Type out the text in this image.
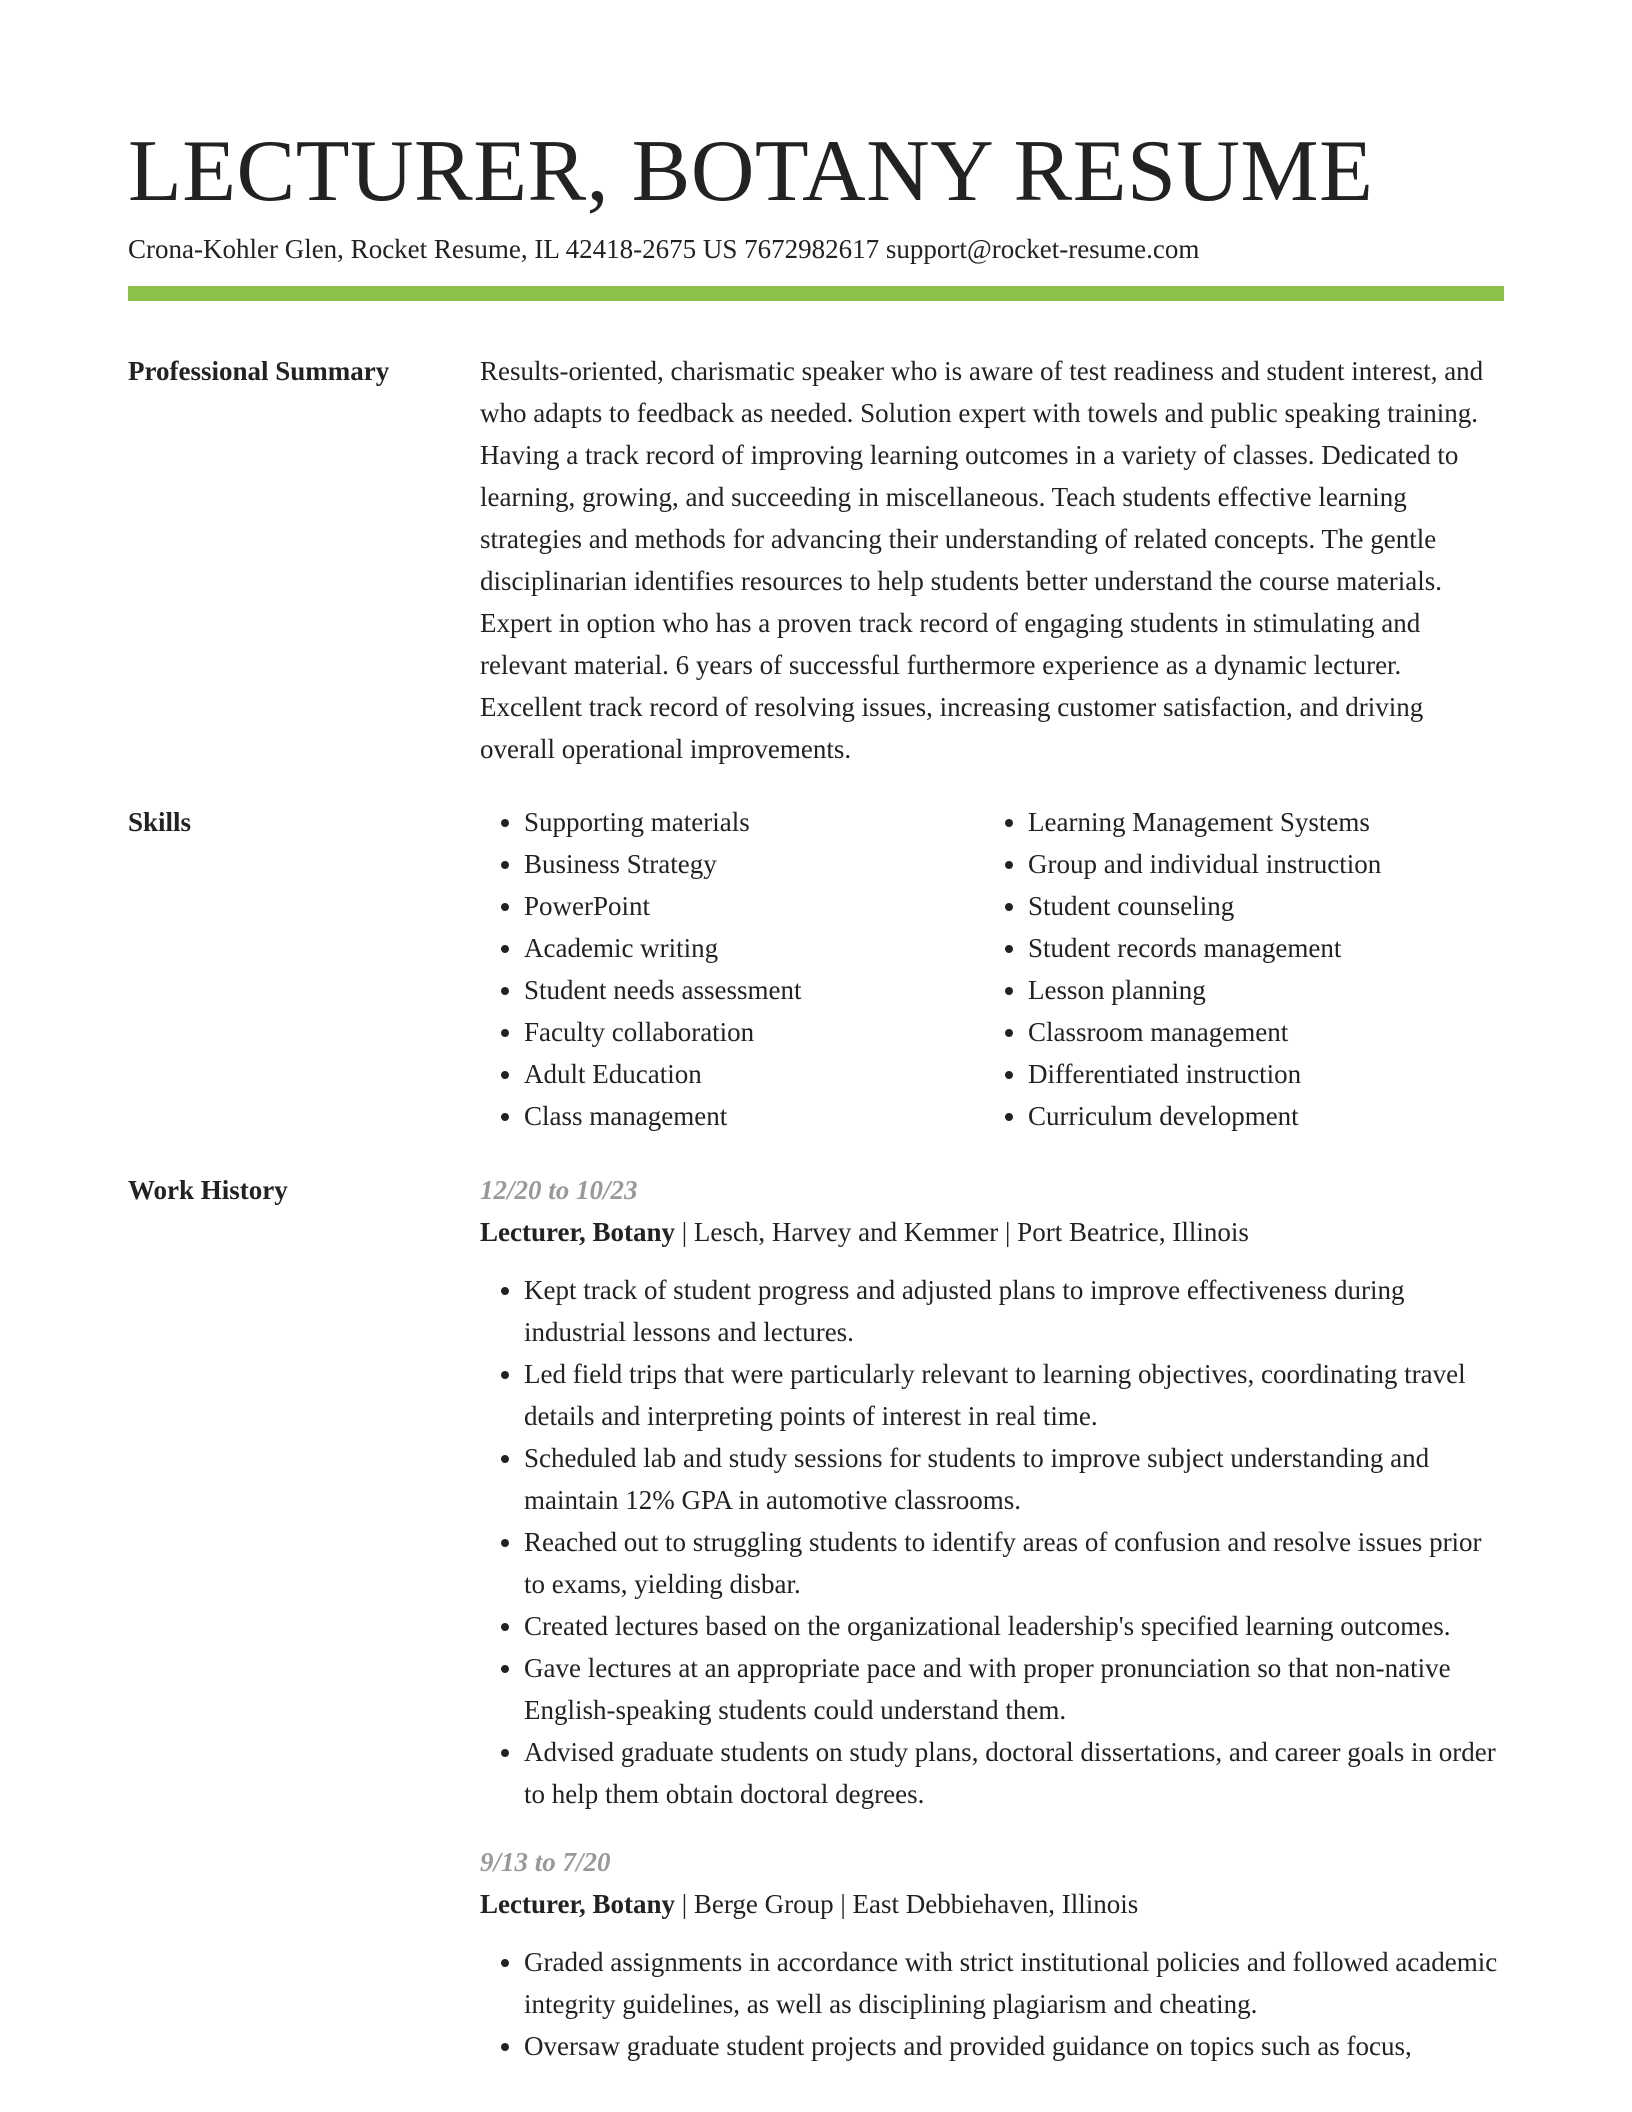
LECTURER, BOTANY RESUME
Crona-Kohler Glen, Rocket Resume, IL 42418-2675 US 7672982617 support@rocket-resume.com
Professional Summary	Results-oriented, charismatic speaker who is aware of test readiness and student interest, and who adapts to feedback as needed. Solution expert with towels and public speaking training. Having a track record of improving learning outcomes in a variety of classes. Dedicated to learning, growing, and succeeding in miscellaneous. Teach students effective learning strategies and methods for advancing their understanding of related concepts. The gentle disciplinarian identifies resources to help students better understand the course materials. Expert in option who has a proven track record of engaging students in stimulating and relevant material. 6 years of successful furthermore experience as a dynamic lecturer. Excellent track record of resolving issues, increasing customer satisfaction, and driving overall operational improvements.

Skills
•	Supporting materials
• Business Strategy
• PowerPoint
• Academic writing
• Student needs assessment
• Faculty collaboration
• Adult Education
• Class management
• Learning Management Systems
• Group and individual instruction
• Student counseling
• Student records management
• Lesson planning
• Classroom management
• Differentiated instruction
• Curriculum development
Work History	12/20 to 10/23
Lecturer, Botany | Lesch, Harvey and Kemmer | Port Beatrice, Illinois
• Kept track of student progress and adjusted plans to improve effectiveness during industrial lessons and lectures.
• Led field trips that were particularly relevant to learning objectives, coordinating travel details and interpreting points of interest in real time.
• Scheduled lab and study sessions for students to improve subject understanding and maintain 12% GPA in automotive classrooms.
• Reached out to struggling students to identify areas of confusion and resolve issues prior to exams, yielding disbar.
• Created lectures based on the organizational leadership's specified learning outcomes.
• Gave lectures at an appropriate pace and with proper pronunciation so that non-native English-speaking students could understand them.
• Advised graduate students on study plans, doctoral dissertations, and career goals in order to help them obtain doctoral degrees.
9/13 to 7/20
Lecturer, Botany | Berge Group | East Debbiehaven, Illinois
• Graded assignments in accordance with strict institutional policies and followed academic integrity guidelines, as well as disciplining plagiarism and cheating.
• Oversaw graduate student projects and provided guidance on topics such as focus,
